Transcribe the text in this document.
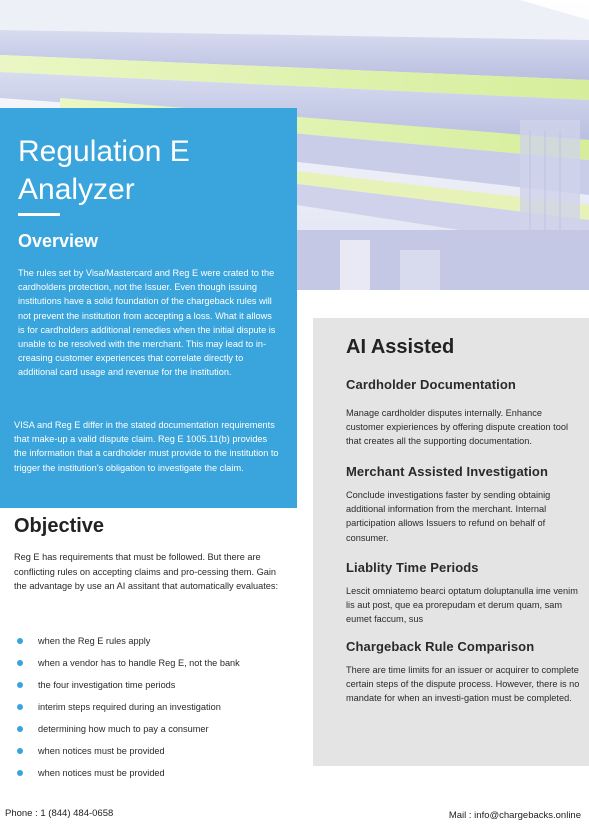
Regulation E Analyzer
Overview

The rules set by Visa/Mastercard and Reg E were crated to the cardholders protection, not the Issuer. Even though issuing institutions have a solid foundation of the chargeback rules will not prevent the institution from accepting a loss. What it allows is for cardholders additional remedies when the initial dispute is unable to be resolved with the merchant. This may lead to in-creasing customer experiences that correlate directly to additional card usage and revenue for the institution.

VISA and Reg E differ in the stated documentation requirements that make-up a valid dispute claim. Reg E 1005.11(b) provides the information that a cardholder must provide to the institution to trigger the institution’s obligation to investigate the claim.

AI Assisted
Cardholder Documentation

Manage cardholder disputes internally. Enhance customer expieriences by offering dispute creation tool that creates all the supporting documentation.

Merchant Assisted Investigation

Conclude investigations faster by sending obtainig additional information from the merchant. Internal participation allows Issuers to refund on behalf of consumer.

Liablity Time Periods

Lescit omniatemo bearci optatum doluptanulla ime venim lis aut post, que ea prorepudam et derum quam, sam eumet faccum, sus

Chargeback Rule Comparison

There are time limits for an issuer or acquirer to complete certain steps of the dispute process. However, there is no mandate for when an investi-gation must be completed.

Objective

Reg E has requirements that must be followed. But there are conflicting rules on accepting claims and pro-cessing them. Gain the advantage by use an AI assitant that automatically evaluates:

when the Reg E rules apply
when a vendor has to handle Reg E, not the bank
the four investigation time periods
interim steps required during an investigation
determining how much to pay a consumer
when notices must be provided
when notices must be provided
Phone : 1 (844) 484-0658	Mail : info@chargebacks.online
